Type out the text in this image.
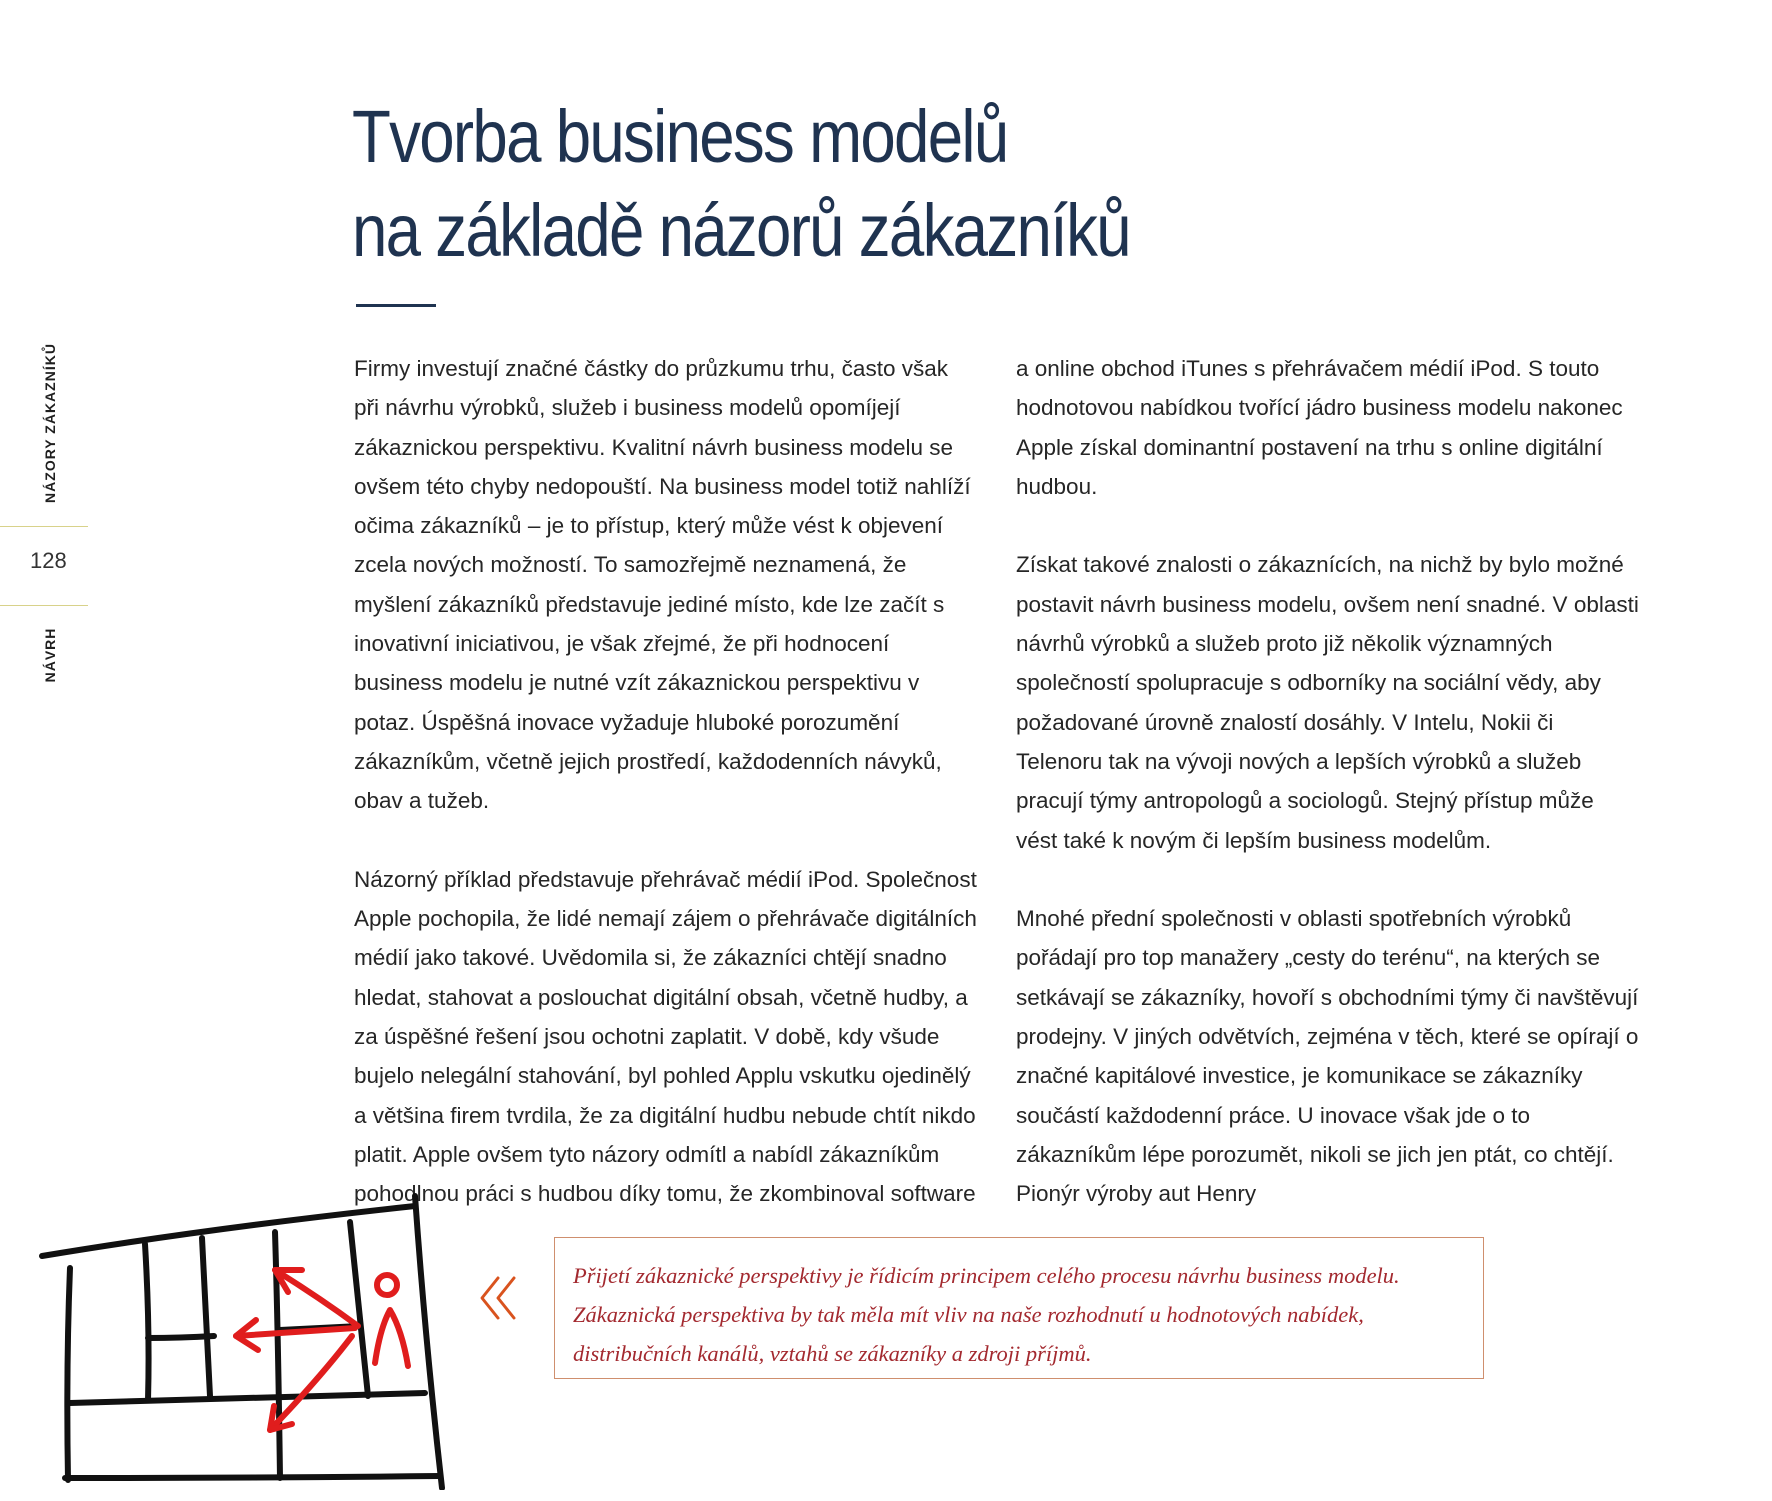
Tvorba business modelů
na základě názorů zákazníků
NÁZORY ZÁKAZNÍKŮ
128
NÁVRH

Firmy investují značné částky do průzkumu trhu, často však při návrhu výrobků, služeb i business modelů opomíjejí zákaznickou perspektivu. Kvalitní návrh business modelu se ovšem této chyby nedopouští. Na business model totiž nahlíží očima zákazníků – je to přístup, který může vést k objevení zcela nových možností. To samozřejmě neznamená, že myšlení zákazníků představuje jediné místo, kde lze začít s inovativní iniciativou, je však zřejmé, že při hodnocení business modelu je nutné vzít zákaznickou perspektivu v potaz. Úspěšná inovace vyžaduje hluboké porozumění zákazníkům, včetně jejich prostředí, každodenních návyků, obav a tužeb.

Názorný příklad představuje přehrávač médií iPod. Společnost Apple pochopila, že lidé nemají zájem o přehrávače digitálních médií jako takové. Uvědomila si, že zákazníci chtějí snadno hledat, stahovat a poslouchat digitální obsah, včetně hudby, a za úspěšné řešení jsou ochotni zaplatit. V době, kdy všude bujelo nelegální stahování, byl pohled Applu vskutku ojedinělý a většina firem tvrdila, že za digitální hudbu nebude chtít nikdo platit. Apple ovšem tyto názory odmítl a nabídl zákazníkům pohodlnou práci s hudbou díky tomu, že zkombinoval software

a online obchod iTunes s přehrávačem médií iPod. S touto hodnotovou nabídkou tvořící jádro business modelu nakonec Apple získal dominantní postavení na trhu s online digitální hudbou.

Získat takové znalosti o zákaznících, na nichž by bylo možné postavit návrh business modelu, ovšem není snadné. V oblasti návrhů výrobků a služeb proto již několik významných společností spolupracuje s odborníky na sociální vědy, aby požadované úrovně znalostí dosáhly. V Intelu, Nokii či Telenoru tak na vývoji nových a lepších výrobků a služeb pracují týmy antropologů a sociologů. Stejný přístup může vést také k novým či lepším business modelům.

Mnohé přední společnosti v oblasti spotřebních výrobků pořádají pro top manažery „cesty do terénu“, na kterých se setkávají se zákazníky, hovoří s obchodními týmy či navštěvují prodejny. V jiných odvětvích, zejména v těch, které se opírají o značné kapitálové investice, je komunikace se zákazníky součástí každodenní práce. U inovace však jde o to zákazníkům lépe porozumět, nikoli se jich jen ptát, co chtějí. Pionýr výroby aut Henry

Přijetí zákaznické perspektivy je řídicím principem celého procesu návrhu business modelu. Zákaznická perspektiva by tak měla mít vliv na naše rozhodnutí u hodnotových nabídek, distribučních kanálů, vztahů se zákazníky a zdroji příjmů.
